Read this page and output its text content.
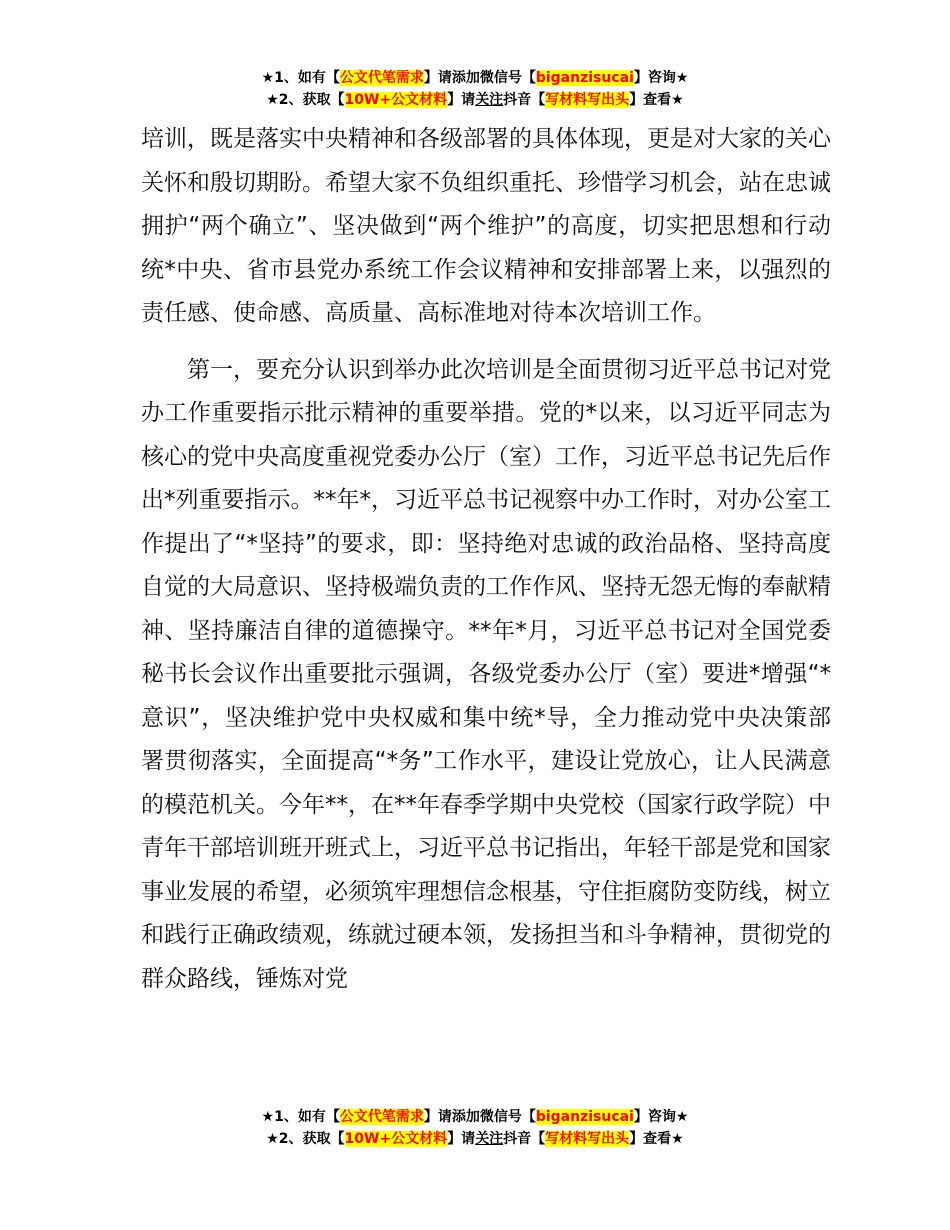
★1、如有【公文代笔需求】请添加微信号【biganzisucai】咨询★
★2、获取【10W+公文材料】请关注抖音【写材料写出头】查看★

培训，既是落实中央精神和各级部署的具体体现，更是对大家的关心关怀和殷切期盼。希望大家不负组织重托、珍惜学习机会，站在忠诚拥护“两个确立”、坚决做到“两个维护”的高度，切实把思想和行动统*中央、省市县党办系统工作会议精神和安排部署上来，以强烈的责任感、使命感、高质量、高标准地对待本次培训工作。

第一，要充分认识到举办此次培训是全面贯彻习近平总书记对党办工作重要指示批示精神的重要举措。党的*以来，以习近平同志为核心的党中央高度重视党委办公厅（室）工作，习近平总书记先后作出*列重要指示。**年*，习近平总书记视察中办工作时，对办公室工作提出了“*坚持”的要求，即：坚持绝对忠诚的政治品格、坚持高度自觉的大局意识、坚持极端负责的工作作风、坚持无怨无悔的奉献精神、坚持廉洁自律的道德操守。**年*月，习近平总书记对全国党委秘书长会议作出重要批示强调，各级党委办公厅（室）要进*增强“*意识”，坚决维护党中央权威和集中统*导，全力推动党中央决策部署贯彻落实，全面提高“*务”工作水平，建设让党放心，让人民满意的模范机关。今年**，在**年春季学期中央党校（国家行政学院）中青年干部培训班开班式上，习近平总书记指出，年轻干部是党和国家事业发展的希望，必须筑牢理想信念根基，守住拒腐防变防线，树立和践行正确政绩观，练就过硬本领，发扬担当和斗争精神，贯彻党的群众路线，锤炼对党

★1、如有【公文代笔需求】请添加微信号【biganzisucai】咨询★
★2、获取【10W+公文材料】请关注抖音【写材料写出头】查看★
